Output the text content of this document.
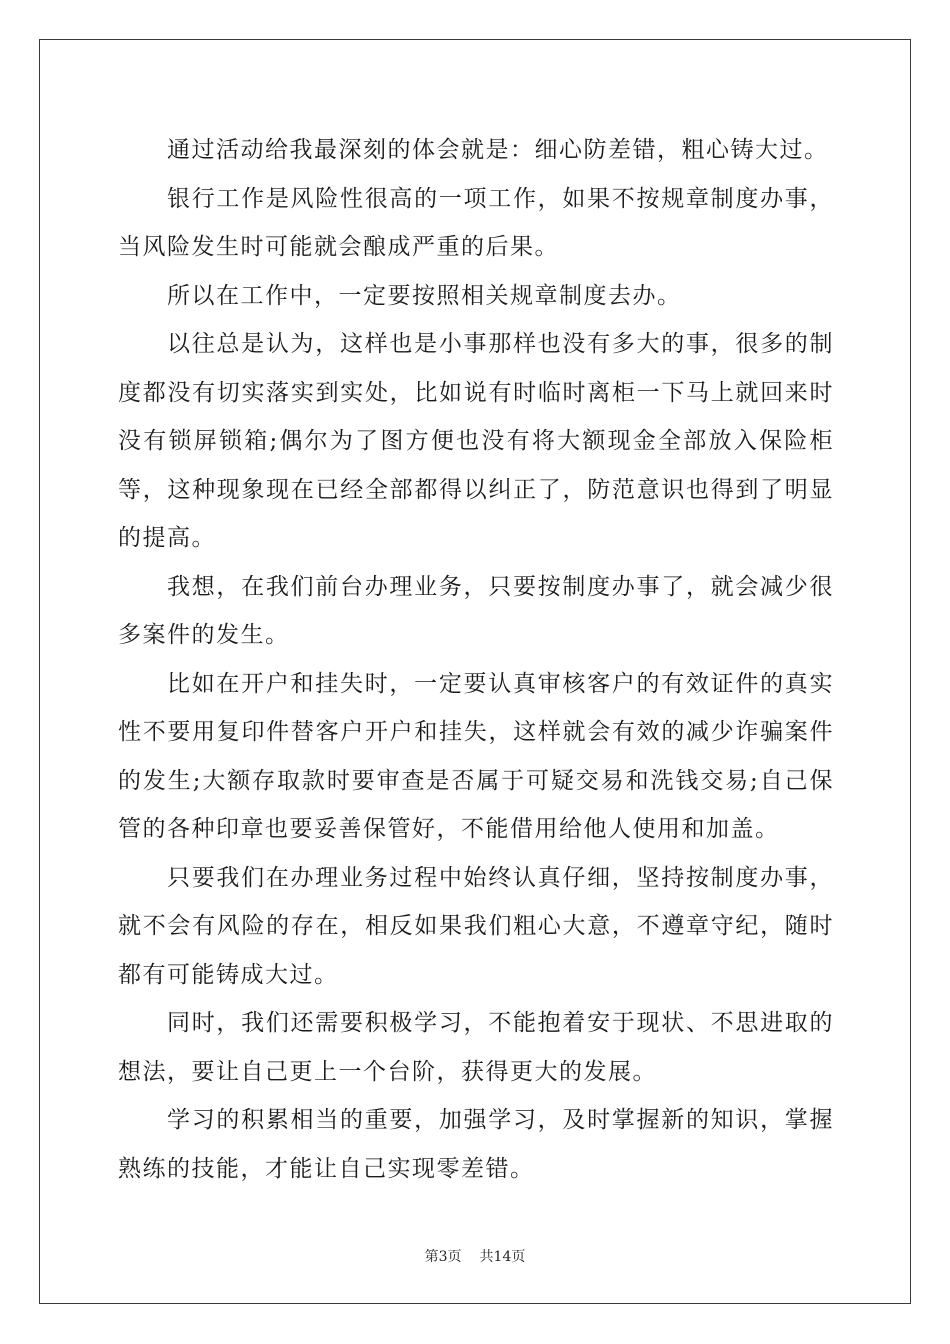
通过活动给我最深刻的体会就是：细心防差错，粗心铸大过。

银行工作是风险性很高的一项工作，如果不按规章制度办事，当风险发生时可能就会酿成严重的后果。

所以在工作中，一定要按照相关规章制度去办。

以往总是认为，这样也是小事那样也没有多大的事，很多的制度都没有切实落实到实处，比如说有时临时离柜一下马上就回来时没有锁屏锁箱;偶尔为了图方便也没有将大额现金全部放入保险柜等，这种现象现在已经全部都得以纠正了，防范意识也得到了明显的提高。

我想，在我们前台办理业务，只要按制度办事了，就会减少很多案件的发生。

比如在开户和挂失时，一定要认真审核客户的有效证件的真实性不要用复印件替客户开户和挂失，这样就会有效的减少诈骗案件的发生;大额存取款时要审查是否属于可疑交易和洗钱交易;自己保管的各种印章也要妥善保管好，不能借用给他人使用和加盖。

只要我们在办理业务过程中始终认真仔细，坚持按制度办事，就不会有风险的存在，相反如果我们粗心大意，不遵章守纪，随时都有可能铸成大过。

同时，我们还需要积极学习，不能抱着安于现状、不思进取的想法，要让自己更上一个台阶，获得更大的发展。

学习的积累相当的重要，加强学习，及时掌握新的知识，掌握熟练的技能，才能让自己实现零差错。

第3页 共14页
